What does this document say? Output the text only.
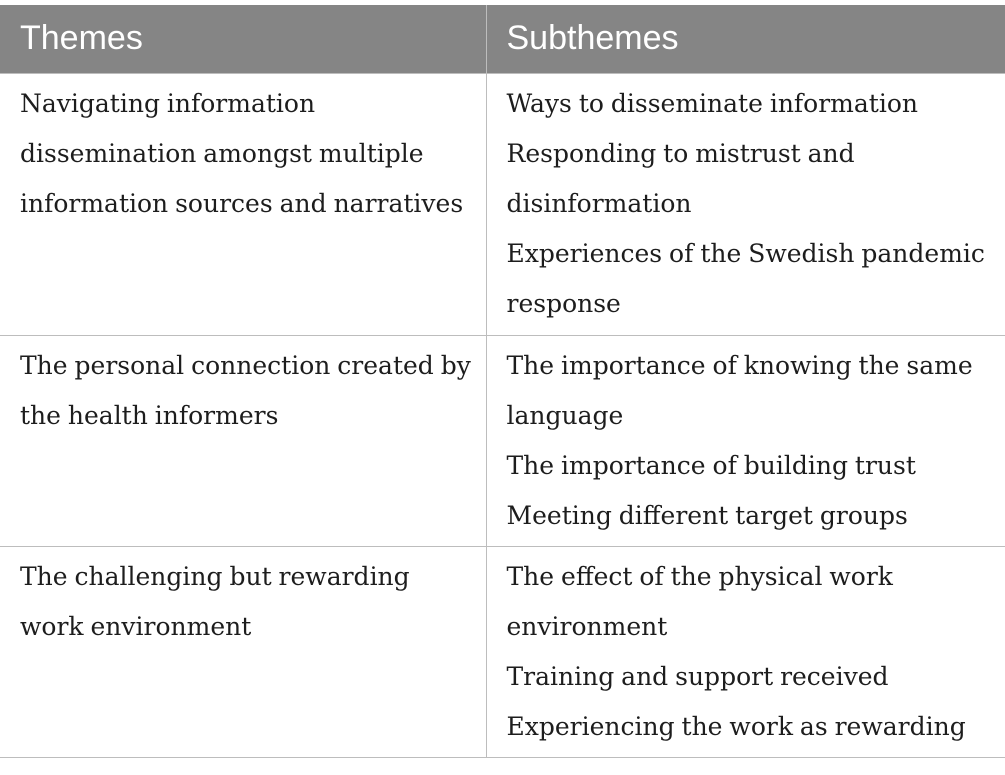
Themes	Subthemes
Navigating information dissemination amongst multiple information sources and narratives	Ways to disseminate information
Responding to mistrust and disinformation
Experiences of the Swedish pandemic response

The personal connection created by the health informers	The importance of knowing the same language
The importance of building trust
Meeting different target groups

The challenging but rewarding work environment	The effect of the physical work environment
Training and support received
Experiencing the work as rewarding
